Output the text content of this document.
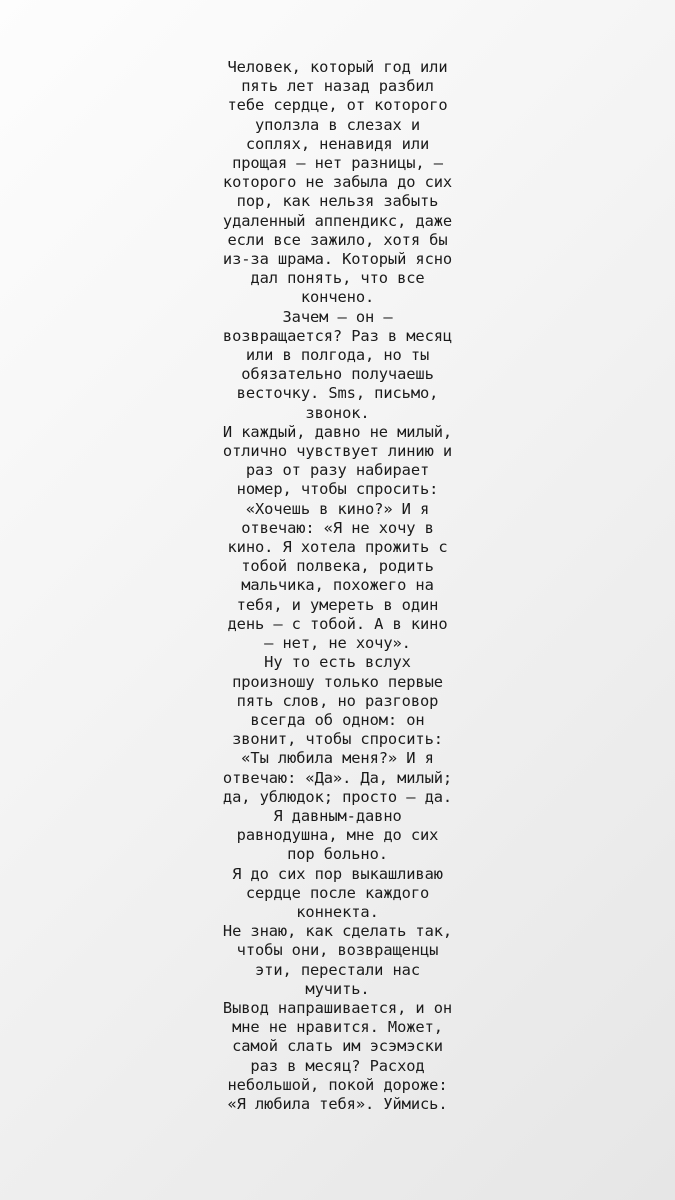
Человек, который год или
пять лет назад разбил
тебе сердце, от которого
уползла в слезах и
соплях, ненавидя или
прощая – нет разницы, –
которого не забыла до сих
пор, как нельзя забыть
удаленный аппендикс, даже
если все зажило, хотя бы
из-за шрама. Который ясно
дал понять, что все
кончено.
Зачем – он –
возвращается? Раз в месяц
или в полгода, но ты
обязательно получаешь
весточку. Sms, письмо,
звонок.
И каждый, давно не милый,
отлично чувствует линию и
раз от разу набирает
номер, чтобы спросить:
«Хочешь в кино?» И я
отвечаю: «Я не хочу в
кино. Я хотела прожить с
тобой полвека, родить
мальчика, похожего на
тебя, и умереть в один
день – с тобой. А в кино
– нет, не хочу».
Ну то есть вслух
произношу только первые
пять слов, но разговор
всегда об одном: он
звонит, чтобы спросить:
«Ты любила меня?» И я
отвечаю: «Да». Да, милый;
да, ублюдок; просто – да.
Я давным-давно
равнодушна, мне до сих
пор больно.
Я до сих пор выкашливаю
сердце после каждого
коннекта.
Не знаю, как сделать так,
чтобы они, возвращенцы
эти, перестали нас
мучить.
Вывод напрашивается, и он
мне не нравится. Может,
самой слать им эсэмэски
раз в месяц? Расход
небольшой, покой дороже:
«Я любила тебя». Уймись.
